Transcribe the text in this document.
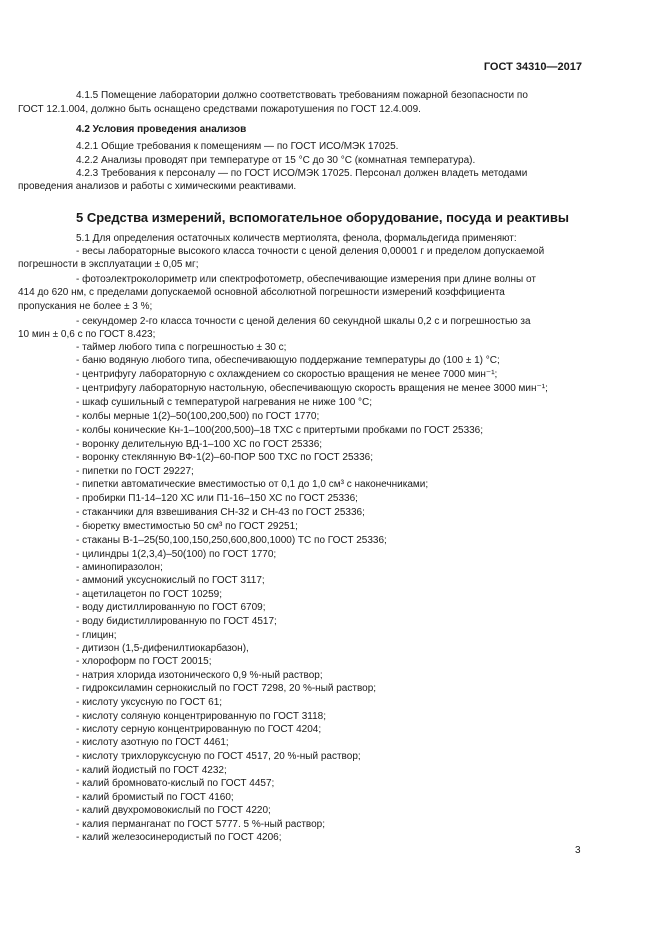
ГОСТ 34310—2017
4.1.5 Помещение лаборатории должно соответствовать требованиям пожарной безопасности по
ГОСТ 12.1.004, должно быть оснащено средствами пожаротушения по ГОСТ 12.4.009.
4.2 Условия проведения анализов
4.2.1 Общие требования к помещениям — по ГОСТ ИСО/МЭК 17025.
4.2.2 Анализы проводят при температуре от 15 °С до 30 °С (комнатная температура).
4.2.3 Требования к персоналу — по ГОСТ ИСО/МЭК 17025. Персонал должен владеть методами
проведения анализов и работы с химическими реактивами.
5 Средства измерений, вспомогательное оборудование, посуда и реактивы
5.1 Для определения остаточных количеств мертиолята, фенола, формальдегида применяют:
- весы лабораторные высокого класса точности с ценой деления 0,00001 г и пределом допускаемой
погрешности в эксплуатации ± 0,05 мг;
- фотоэлектроколориметр или спектрофотометр, обеспечивающие измерения при длине волны от
414 до 620 нм, с пределами допускаемой основной абсолютной погрешности измерений коэффициента
пропускания не более ± 3 %;
- секундомер 2-го класса точности с ценой деления 60 секундной шкалы 0,2 с и погрешностью за
10 мин ± 0,6 с по ГОСТ 8.423;
- таймер любого типа с погрешностью ± 30 с;
- баню водяную любого типа, обеспечивающую поддержание температуры до (100 ± 1) °С;
- центрифугу лабораторную с охлаждением со скоростью вращения не менее 7000 мин⁻¹;
- центрифугу лабораторную настольную, обеспечивающую скорость вращения не менее 3000 мин⁻¹;
- шкаф сушильный с температурой нагревания не ниже 100 °С;
- колбы мерные 1(2)–50(100,200,500) по ГОСТ 1770;
- колбы конические Кн-1–100(200,500)–18 ТХС с притертыми пробками по ГОСТ 25336;
- воронку делительную ВД-1–100 ХС по ГОСТ 25336;
- воронку стеклянную ВФ-1(2)–60-ПОР 500 ТХС по ГОСТ 25336;
- пипетки по ГОСТ 29227;
- пипетки автоматические вместимостью от 0,1 до 1,0 см³ с наконечниками;
- пробирки П1-14–120 ХС или П1-16–150 ХС по ГОСТ 25336;
- стаканчики для взвешивания СН-32 и СН-43 по ГОСТ 25336;
- бюретку вместимостью 50 см³ по ГОСТ 29251;
- стаканы В-1–25(50,100,150,250,600,800,1000) ТС по ГОСТ 25336;
- цилиндры 1(2,3,4)–50(100) по ГОСТ 1770;
- аминопиразолон;
- аммоний уксуснокислый по ГОСТ 3117;
- ацетилацетон по ГОСТ 10259;
- воду дистиллированную по ГОСТ 6709;
- воду бидистиллированную по ГОСТ 4517;
- глицин;
- дитизон (1,5-дифенилтиокарбазон),
- хлороформ по ГОСТ 20015;
- натрия хлорида изотонического 0,9 %-ный раствор;
- гидроксиламин сернокислый по ГОСТ 7298, 20 %-ный раствор;
- кислоту уксусную по ГОСТ 61;
- кислоту соляную концентрированную по ГОСТ 3118;
- кислоту серную концентрированную по ГОСТ 4204;
- кислоту азотную по ГОСТ 4461;
- кислоту трихлоруксусную по ГОСТ 4517, 20 %-ный раствор;
- калий йодистый по ГОСТ 4232;
- калий бромновато-кислый по ГОСТ 4457;
- калий бромистый по ГОСТ 4160;
- калий двухромовокислый по ГОСТ 4220;
- калия перманганат по ГОСТ 5777. 5 %-ный раствор;
- калий железосинеродистый по ГОСТ 4206;
3
